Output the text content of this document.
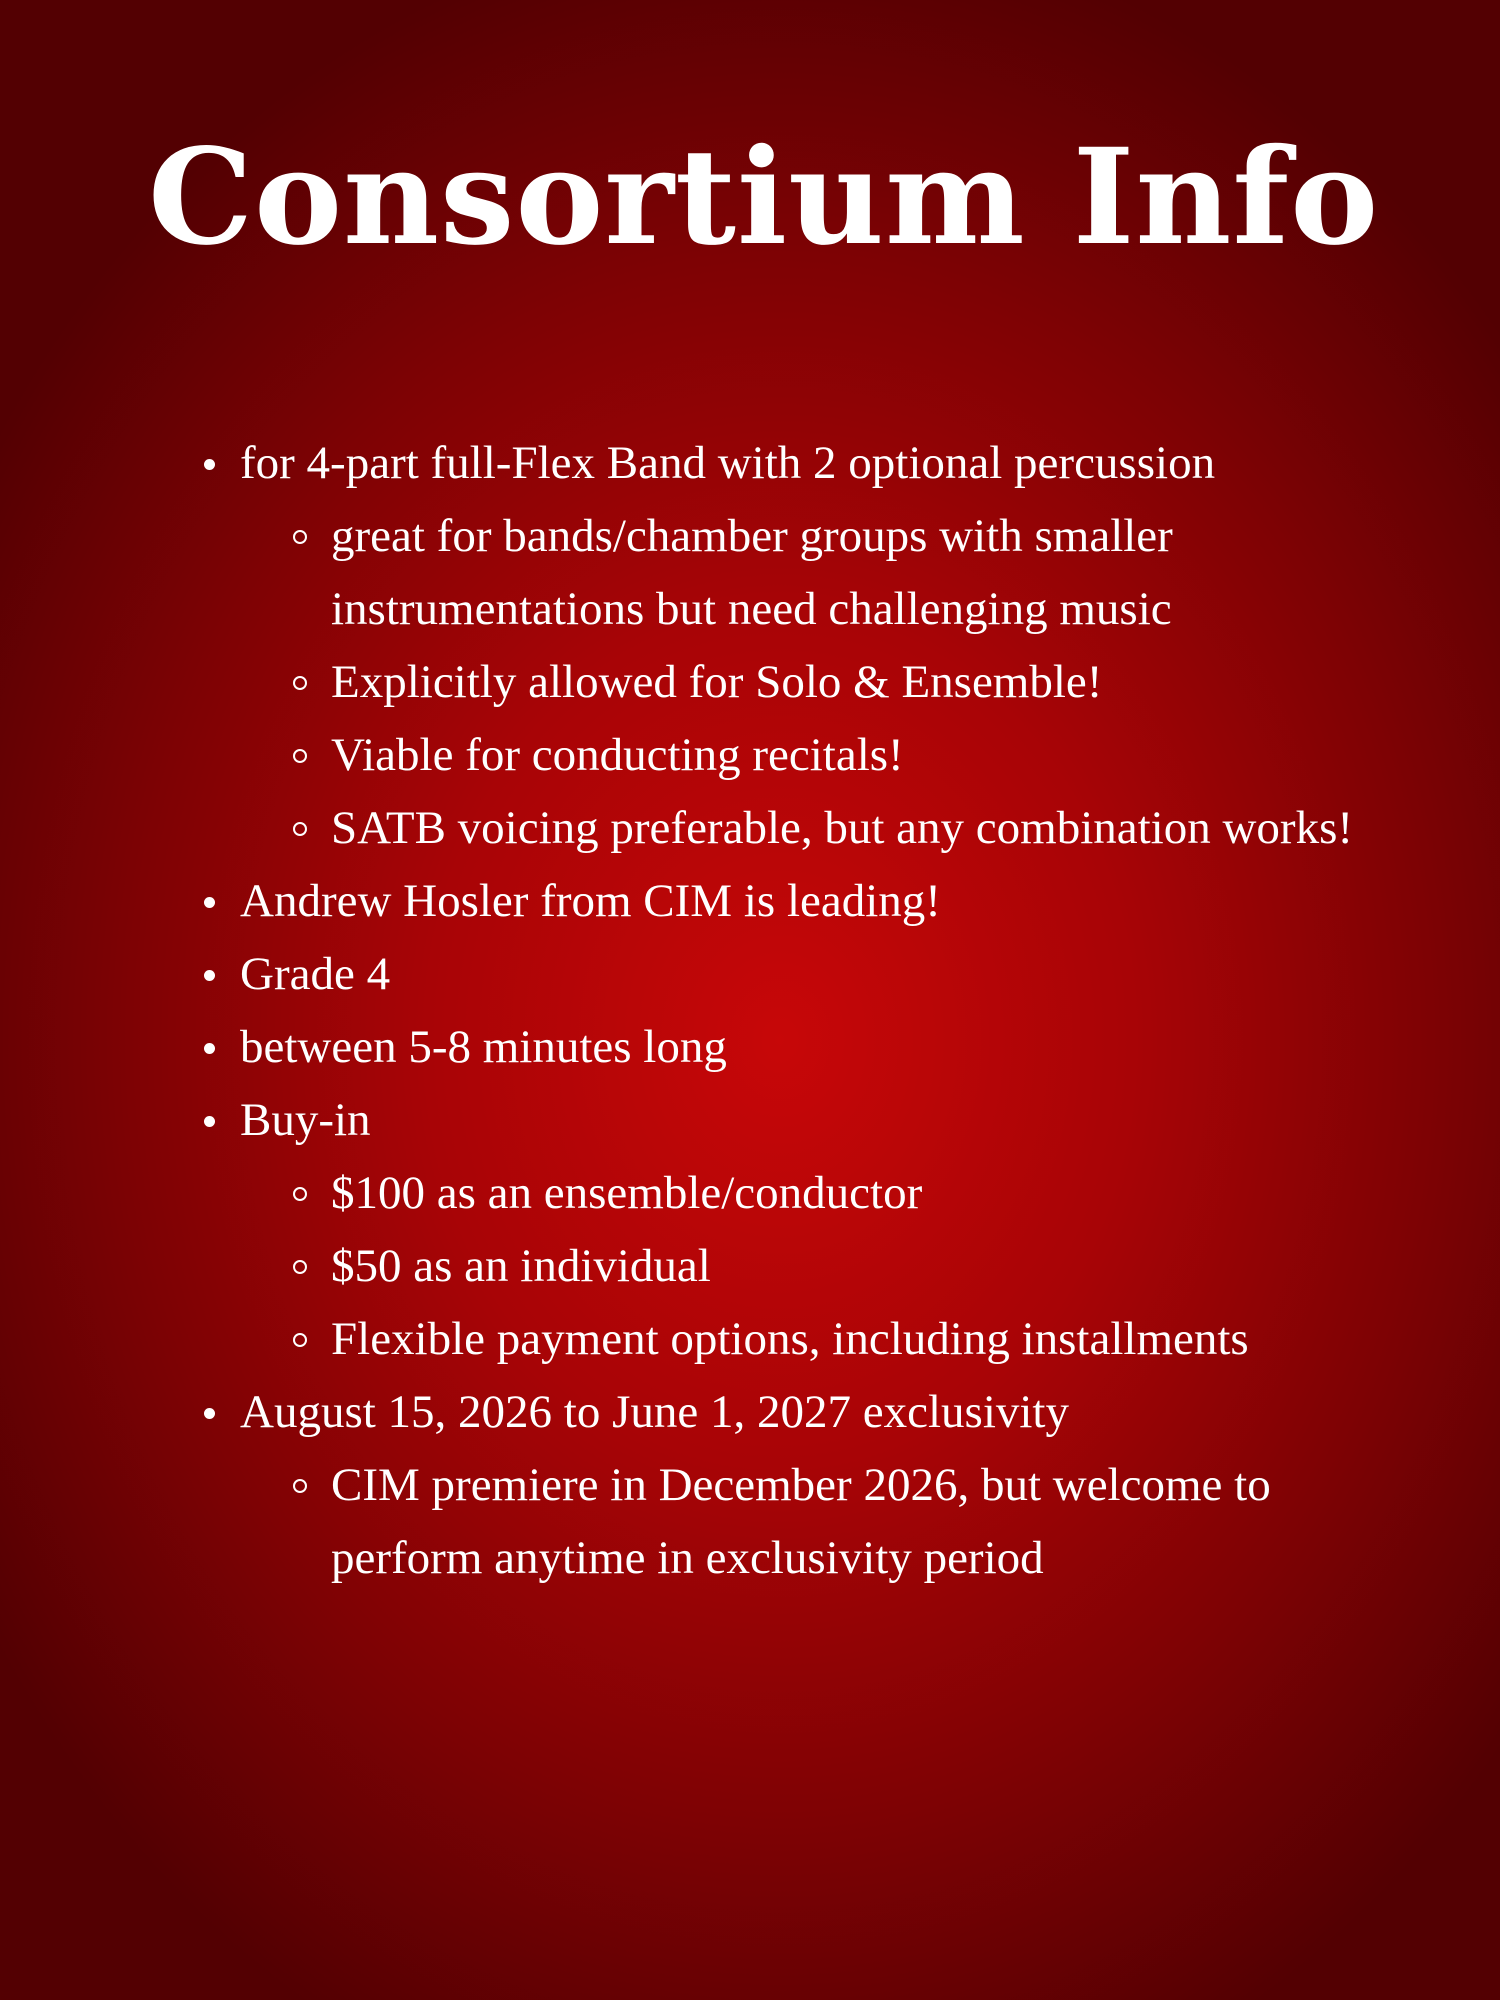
Consortium Info
for 4-part full-Flex Band with 2 optional percussion
great for bands/chamber groups with smaller instrumentations but need challenging music
Explicitly allowed for Solo & Ensemble!
Viable for conducting recitals!
SATB voicing preferable, but any combination works!
Andrew Hosler from CIM is leading!
Grade 4
between 5-8 minutes long
Buy-in
$100 as an ensemble/conductor
$50 as an individual
Flexible payment options, including installments
August 15, 2026 to June 1, 2027 exclusivity
CIM premiere in December 2026, but welcome to perform anytime in exclusivity period
